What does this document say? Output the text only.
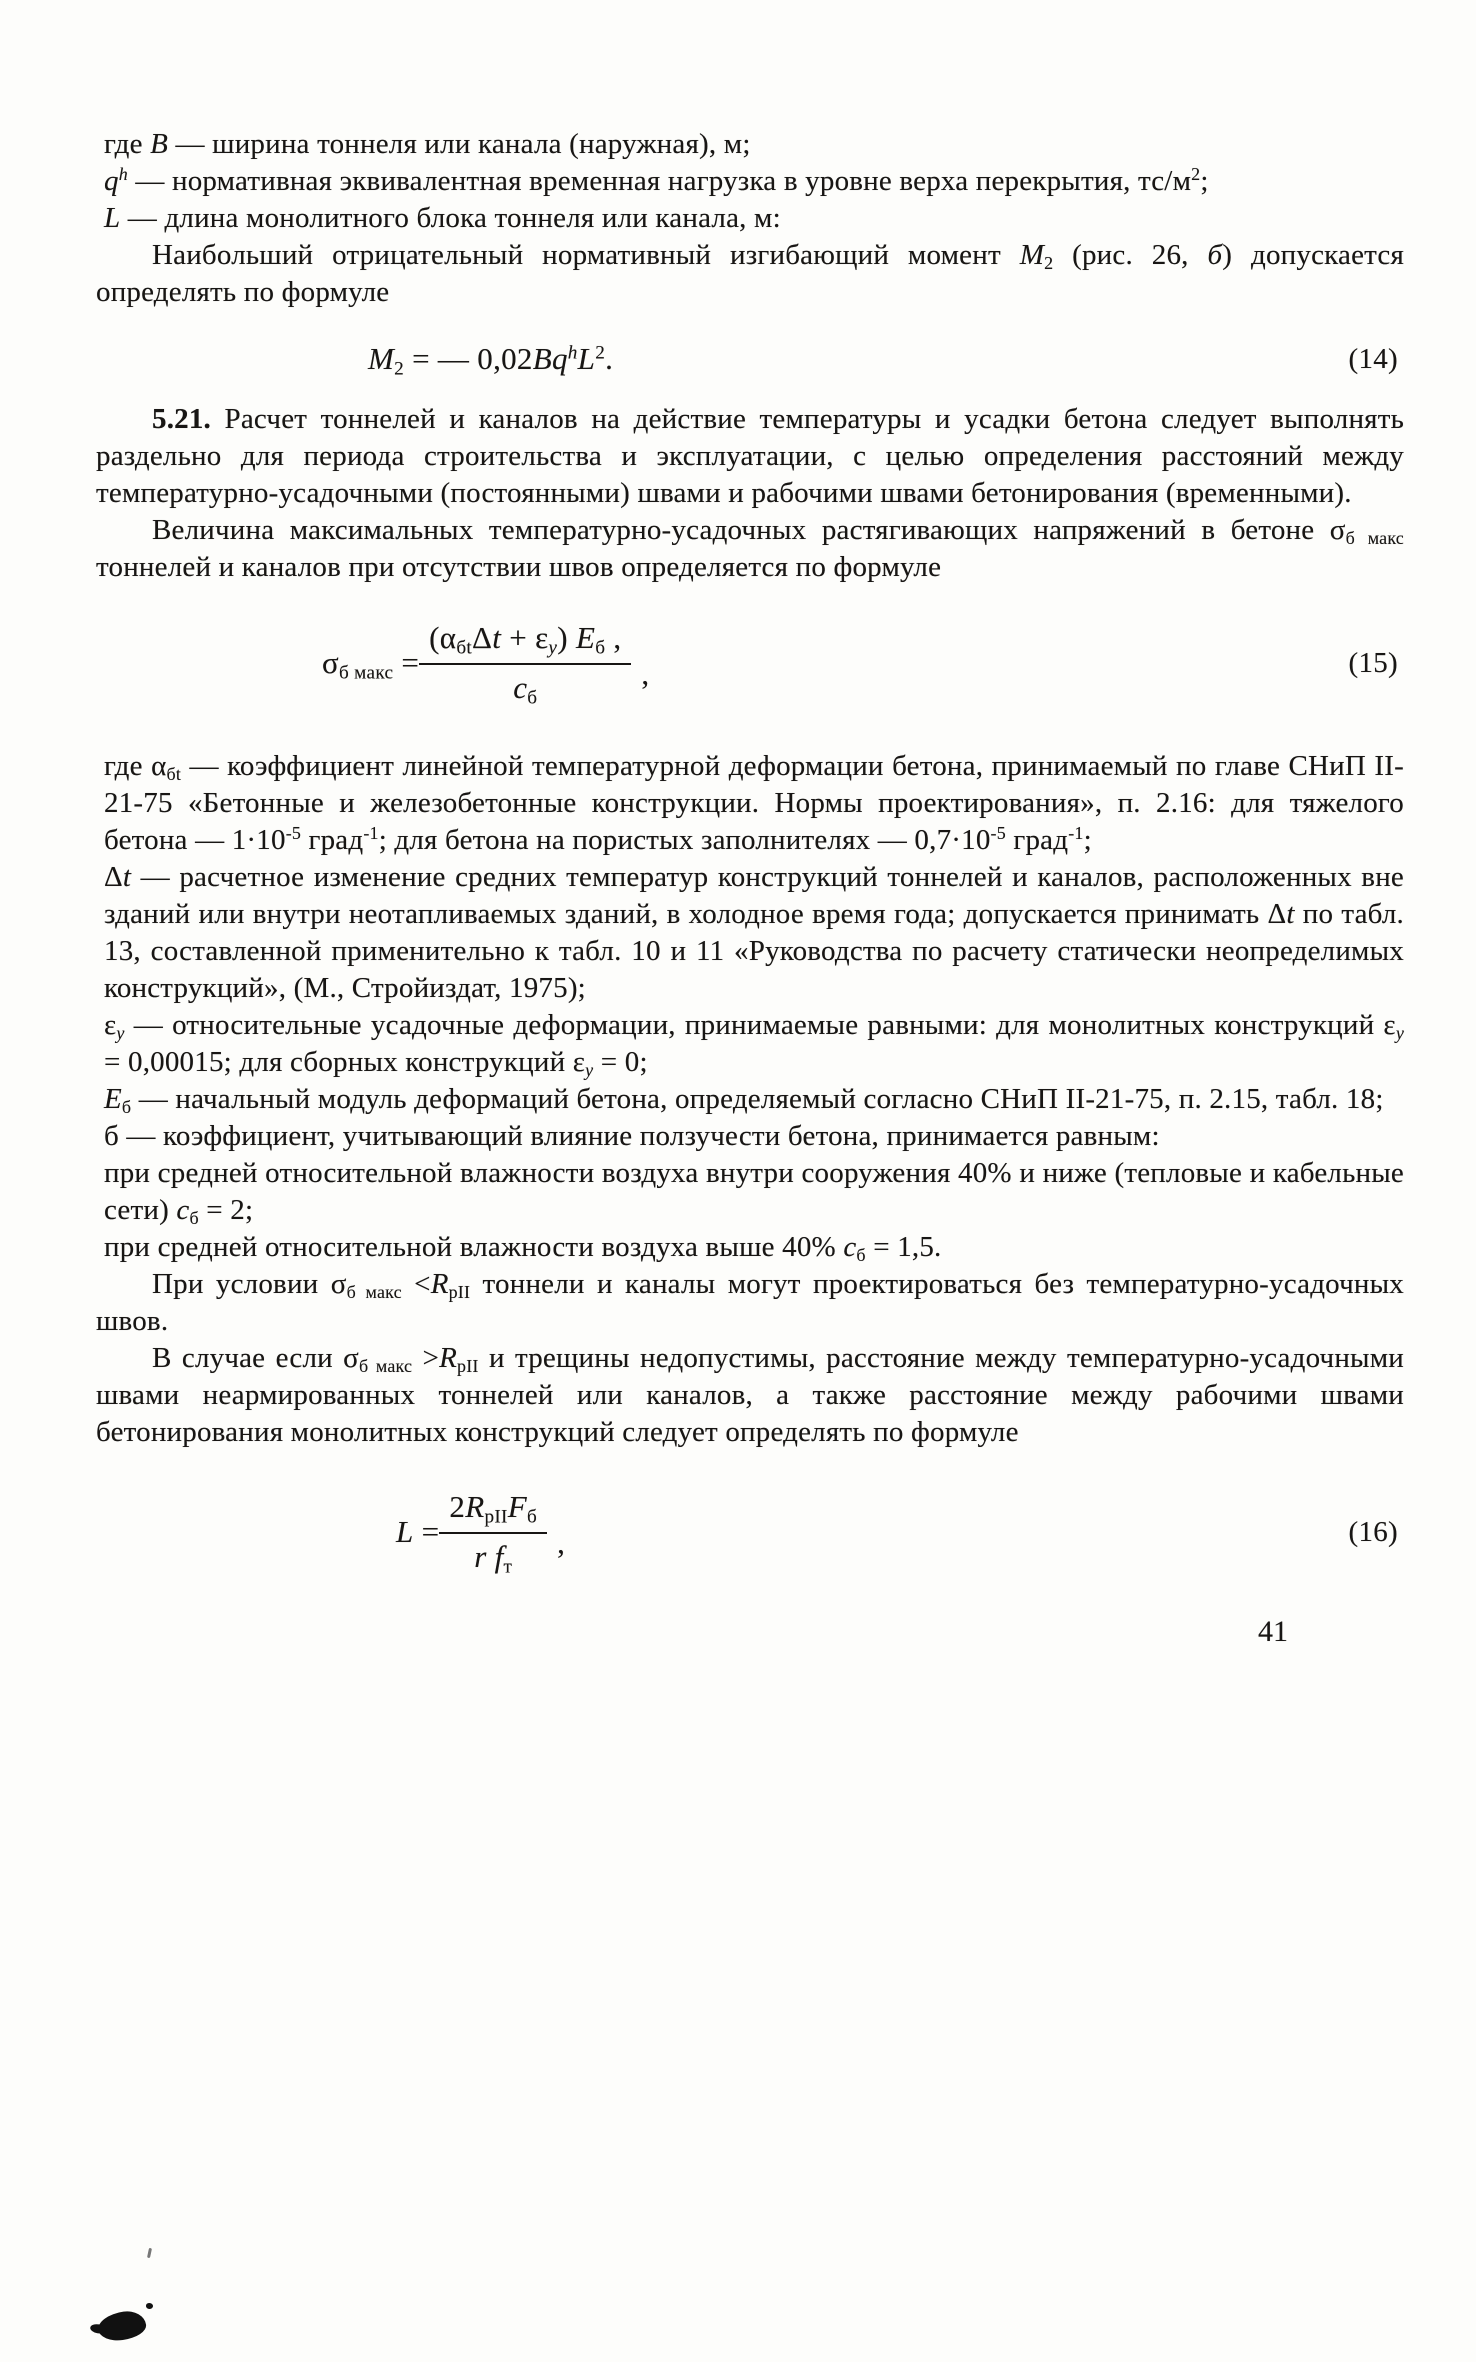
где В — ширина тоннеля или канала (наружная), м;

$q^h$ — нормативная эквивалентная временная нагрузка в уровне верха перекрытия, $тс/м^2$;

L — длина монолитного блока тоннеля или канала, м:

Наибольший отрицательный нормативный изгибающий момент $М_2$ (рис. 26, б) допускается определять по формуле

$М_2$ = — $0,02Bq^hL^2$.	(14)

5.21. Расчет тоннелей и каналов на действие температуры и усадки бетона следует выполнять раздельно для периода строительства и эксплуатации, с целью определения расстояний между температурно-усадочными (постоянными) швами и рабочими швами бетонирования (временными).

Величина максимальных температурно-усадочных растягивающих напряжений в бетоне $\sigma_{б макс}$ тоннелей и каналов при отсутствии швов определяется по формуле

$\sigma_{б макс} = \frac{(\alpha_{бt}\Delta t + \varepsilon_у) Е_б ,}{с_б}$ ,	(15)

где $\alpha_{бt}$ — коэффициент линейной температурной деформации бетона, принимаемый по главе СНиП II-21-75 «Бетонные и железобетонные конструкции. Нормы проектирования», п. 2.16: для тяжелого бетона — $1\cdot 10^{-5}$ град$^{-1}$; для бетона на пористых заполнителях — $0,7\cdot 10^{-5}$ град$^{-1}$;

Δt — расчетное изменение средних температур конструкций тоннелей и каналов, расположенных вне зданий или внутри неотапливаемых зданий, в холодное время года; допускается принимать Δt по табл. 13, составленной применительно к табл. 10 и 11 «Руководства по расчету статически неопределимых конструкций», (М., Стройиздат, 1975);

$\varepsilon_у$ — относительные усадочные деформации, принимаемые равными: для монолитных конструкций $\varepsilon_у = 0,00015$; для сборных конструкций $\varepsilon_у = 0$;

$Е_б$ — начальный модуль деформаций бетона, определяемый согласно СНиП II-21-75, п. 2.15, табл. 18;

б — коэффициент, учитывающий влияние ползучести бетона, принимается равным:

при средней относительной влажности воздуха внутри сооружения 40% и ниже (тепловые и кабельные сети) $с_б = 2$;

при средней относительной влажности воздуха выше 40% $с_б = 1,5$.

При условии $\sigma_{б макс} <R_{рII}$ тоннели и каналы могут проектироваться без температурно-усадочных швов.

В случае если $\sigma_{б макс} >R_{рII}$ и трещины недопустимы, расстояние между температурно-усадочными швами неармированных тоннелей или каналов, а также расстояние между рабочими швами бетонирования монолитных конструкций следует определять по формуле

$L = \frac{2R_{рII}F_б}{r f_т}$ ,	(16)
41
